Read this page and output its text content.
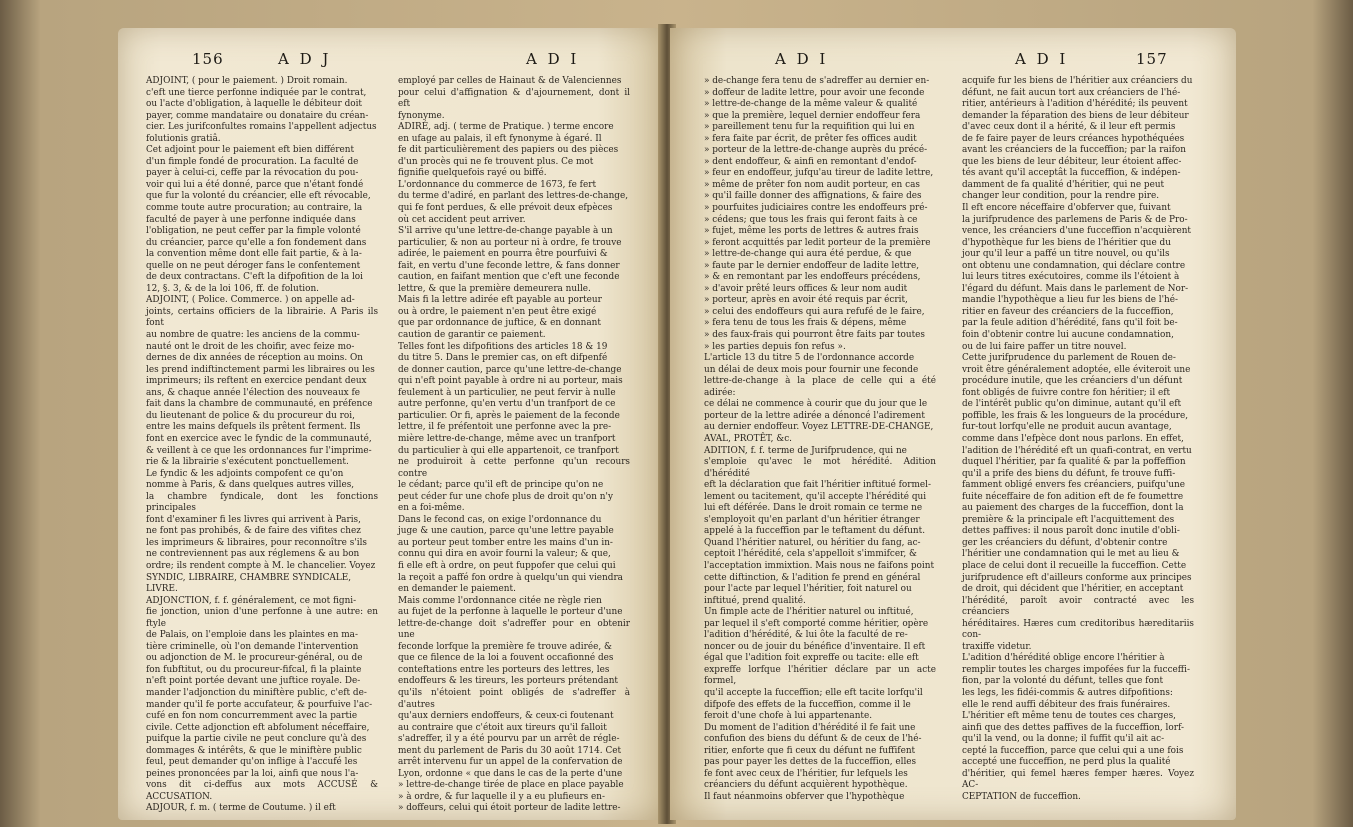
156	A D J	A D I

ADJOINT, ( pour le paiement. ) Droit romain.

c'eft une tierce perfonne indiquée par le contrat,

ou l'acte d'obligation, à laquelle le débiteur doit

payer, comme mandataire ou donataire du créan-

cier. Les jurifconfultes romains l'appellent adjectus

folutionis gratiâ.

Cet adjoint pour le paiement eft bien différent

d'un fimple fondé de procuration. La faculté de

payer à celui-ci, ceffe par la révocation du pou-

voir qui lui a été donné, parce que n'étant fondé

que fur la volonté du créancier, elle eft révocable,

comme toute autre procuration; au contraire, la

faculté de payer à une perfonne indiquée dans

l'obligation, ne peut ceffer par la fimple volonté

du créancier, parce qu'elle a fon fondement dans

la convention même dont elle fait partie, & à la-

quelle on ne peut déroger fans le confentement

de deux contractans. C'eft la difpofition de la loi

12, §. 3, & de la loi 106, ff. de folution.

ADJOINT, ( Police. Commerce. ) on appelle ad-

joints, certains officiers de la librairie. A Paris ils font

au nombre de quatre: les anciens de la commu-

nauté ont le droit de les choifir, avec feize mo-

dernes de dix années de réception au moins. On

les prend indiftinctement parmi les libraires ou les

imprimeurs; ils reftent en exercice pendant deux

ans, & chaque année l'élection des nouveaux fe

fait dans la chambre de communauté, en préfence

du lieutenant de police & du procureur du roi,

entre les mains defquels ils prêtent ferment. Ils

font en exercice avec le fyndic de la communauté,

& veillent à ce que les ordonnances fur l'imprime-

rie & la librairie s'exécutent ponctuellement.

Le fyndic & les adjoints compofent ce qu'on

nomme à Paris, & dans quelques autres villes,

la chambre fyndicale, dont les fonctions principales

font d'examiner fi les livres qui arrivent à Paris,

ne font pas prohibés, & de faire des vifites chez

les imprimeurs & libraires, pour reconnoître s'ils

ne contreviennent pas aux réglemens & au bon

ordre; ils rendent compte à M. le chancelier. Voyez

SYNDIC, LIBRAIRE, CHAMBRE SYNDICALE,

LIVRE.

ADJONCTION, f. f. généralement, ce mot figni-

fie jonction, union d'une perfonne à une autre: en ftyle

de Palais, on l'emploie dans les plaintes en ma-

tière criminelle, où l'on demande l'intervention

ou adjonction de M. le procureur-général, ou de

fon fubftitut, ou du procureur-fifcal, fi la plainte

n'eft point portée devant une juftice royale. De-

mander l'adjonction du miniftère public, c'eft de-

mander qu'il fe porte accufateur, & pourfuive l'ac-

cufé en fon nom concurremment avec la partie

civile. Cette adjonction eft abfolument néceffaire,

puifque la partie civile ne peut conclure qu'à des

dommages & intérêts, & que le miniftère public

feul, peut demander qu'on inflige à l'accufé les

peines prononcées par la loi, ainfi que nous l'a-

vons dit ci-deffus aux mots ACCUSÉ & ACCUSATION.

ADJOUR, f. m. ( terme de Coutume. ) il eft

employé par celles de Hainaut & de Valenciennes

pour celui d'affignation & d'ajournement, dont il eft

fynonyme.

ADIRÉ, adj. ( terme de Pratique. ) terme encore

en ufage au palais, il eft fynonyme à égaré. Il

fe dit particulièrement des papiers ou des pièces

d'un procès qui ne fe trouvent plus. Ce mot

fignifie quelquefois rayé ou biffé.

L'ordonnance du commerce de 1673, fe fert

du terme d'adiré, en parlant des lettres-de-change,

qui fe font perdues, & elle prévoit deux efpèces

où cet accident peut arriver.

S'il arrive qu'une lettre-de-change payable à un

particulier, & non au porteur ni à ordre, fe trouve

adirée, le paiement en pourra être pourfuivi &

fait, en vertu d'une feconde lettre, & fans donner

caution, en faifant mention que c'eft une feconde

lettre, & que la première demeurera nulle.

Mais fi la lettre adirée eft payable au porteur

ou à ordre, le paiement n'en peut être exigé

que par ordonnance de juftice, & en donnant

caution de garantir ce paiement.

Telles font les difpofitions des articles 18 & 19

du titre 5. Dans le premier cas, on eft difpenfé

de donner caution, parce qu'une lettre-de-change

qui n'eft point payable à ordre ni au porteur, mais

feulement à un particulier, ne peut fervir à nulle

autre perfonne, qu'en vertu d'un tranfport de ce

particulier. Or fi, après le paiement de la feconde

lettre, il fe préfentoit une perfonne avec la pre-

mière lettre-de-change, même avec un tranfport

du particulier à qui elle appartenoit, ce tranfport

ne produiroit à cette perfonne qu'un recours contre

le cédant; parce qu'il eft de principe qu'on ne

peut céder fur une chofe plus de droit qu'on n'y

en a foi-même.

Dans le fecond cas, on exige l'ordonnance du

juge & une caution, parce qu'une lettre payable

au porteur peut tomber entre les mains d'un in-

connu qui dira en avoir fourni la valeur; & que,

fi elle eft à ordre, on peut fuppofer que celui qui

la reçoit a paffé fon ordre à quelqu'un qui viendra

en demander le paiement.

Mais comme l'ordonnance citée ne règle rien

au fujet de la perfonne à laquelle le porteur d'une

lettre-de-change doit s'adreffer pour en obtenir une

feconde lorfque la première fe trouve adirée, &

que ce filence de la loi a fouvent occafionné des

conteftations entre les porteurs des lettres, les

endoffeurs & les tireurs, les porteurs prétendant

qu'ils n'étoient point obligés de s'adreffer à d'autres

qu'aux derniers endoffeurs, & ceux-ci foutenant

au contraire que c'étoit aux tireurs qu'il falloit

s'adreffer, il y a été pourvu par un arrêt de régle-

ment du parlement de Paris du 30 août 1714. Cet

arrêt intervenu fur un appel de la confervation de

Lyon, ordonne « que dans le cas de la perte d'une

» lettre-de-change tirée de place en place payable

» à ordre, & fur laquelle il y a eu plufieurs en-

» doffeurs, celui qui étoit porteur de ladite lettre-

A D I	A D I	157

» de-change fera tenu de s'adreffer au dernier en-

» doffeur de ladite lettre, pour avoir une feconde

» lettre-de-change de la même valeur & qualité

» que la première, lequel dernier endoffeur fera

» pareillement tenu fur la requifition qui lui en

» fera faite par écrit, de prêter fes offices audit

» porteur de la lettre-de-change auprès du précé-

» dent endoffeur, & ainfi en remontant d'endof-

» feur en endoffeur, jufqu'au tireur de ladite lettre,

» même de prêter fon nom audit porteur, en cas

» qu'il faille donner des affignations, & faire des

» pourfuites judiciaires contre les endoffeurs pré-

» cédens; que tous les frais qui feront faits à ce

» fujet, même les ports de lettres & autres frais

» feront acquittés par ledit porteur de la première

» lettre-de-change qui aura été perdue, & que

» faute par le dernier endoffeur de ladite lettre,

» & en remontant par les endoffeurs précédens,

» d'avoir prêté leurs offices & leur nom audit

» porteur, après en avoir été requis par écrit,

» celui des endoffeurs qui aura refufé de le faire,

» fera tenu de tous les frais & dépens, même

» des faux-frais qui pourront être faits par toutes

» les parties depuis fon refus ».

L'article 13 du titre 5 de l'ordonnance accorde

un délai de deux mois pour fournir une feconde

lettre-de-change à la place de celle qui a été adirée:

ce délai ne commence à courir que du jour que le

porteur de la lettre adirée a dénoncé l'adirement

au dernier endoffeur. Voyez LETTRE-DE-CHANGE,

AVAL, PROTÊT, &c.

ADITION, f. f. terme de Jurifprudence, qui ne

s'emploie qu'avec le mot hérédité. Adition d'hérédité

eft la déclaration que fait l'héritier inftitué formel-

lement ou tacitement, qu'il accepte l'hérédité qui

lui eft déférée. Dans le droit romain ce terme ne

s'employoit qu'en parlant d'un héritier étranger

appelé à la fucceffion par le teftament du défunt.

Quand l'héritier naturel, ou héritier du fang, ac-

ceptoit l'hérédité, cela s'appelloit s'immifcer, &

l'acceptation immixtion. Mais nous ne faifons point

cette diftinction, & l'adition fe prend en général

pour l'acte par lequel l'héritier, foit naturel ou

inftitué, prend qualité.

Un fimple acte de l'héritier naturel ou inftitué,

par lequel il s'eft comporté comme héritier, opère

l'adition d'hérédité, & lui ôte la faculté de re-

noncer ou de jouir du bénéfice d'inventaire. Il eft

égal que l'adition foit expreffe ou tacite: elle eft

expreffe lorfque l'héritier déclare par un acte formel,

qu'il accepte la fucceffion; elle eft tacite lorfqu'il

difpofe des effets de la fucceffion, comme il le

feroit d'une chofe à lui appartenante.

Du moment de l'adition d'hérédité il fe fait une

confufion des biens du défunt & de ceux de l'hé-

ritier, enforte que fi ceux du défunt ne fuffifent

pas pour payer les dettes de la fucceffion, elles

fe font avec ceux de l'héritier, fur lefquels les

créanciers du défunt acquièrent hypothèque.

Il faut néanmoins obferver que l'hypothèque

acquife fur les biens de l'héritier aux créanciers du

défunt, ne fait aucun tort aux créanciers de l'hé-

ritier, antérieurs à l'adition d'hérédité; ils peuvent

demander la féparation des biens de leur débiteur

d'avec ceux dont il a hérité, & il leur eft permis

de fe faire payer de leurs créances hypothéquées

avant les créanciers de la fucceffion; par la raifon

que les biens de leur débiteur, leur étoient affec-

tés avant qu'il acceptât la fucceffion, & indépen-

damment de fa qualité d'héritier, qui ne peut

changer leur condition, pour la rendre pire.

Il eft encore néceffaire d'obferver que, fuivant

la jurifprudence des parlemens de Paris & de Pro-

vence, les créanciers d'une fucceffion n'acquièrent

d'hypothèque fur les biens de l'héritier que du

jour qu'il leur a paffé un titre nouvel, ou qu'ils

ont obtenu une condamnation, qui déclare contre

lui leurs titres exécutoires, comme ils l'étoient à

l'égard du défunt. Mais dans le parlement de Nor-

mandie l'hypothèque a lieu fur les biens de l'hé-

ritier en faveur des créanciers de la fucceffion,

par la feule adition d'hérédité, fans qu'il foit be-

foin d'obtenir contre lui aucune condamnation,

ou de lui faire paffer un titre nouvel.

Cette jurifprudence du parlement de Rouen de-

vroit être généralement adoptée, elle éviteroit une

procédure inutile, que les créanciers d'un défunt

font obligés de fuivre contre fon héritier; il eft

de l'intérêt public qu'on diminue, autant qu'il eft

poffible, les frais & les longueurs de la procédure,

fur-tout lorfqu'elle ne produit aucun avantage,

comme dans l'efpèce dont nous parlons. En effet,

l'adition de l'hérédité eft un quafi-contrat, en vertu

duquel l'héritier, par fa qualité & par la poffeffion

qu'il a prife des biens du défunt, fe trouve fuffi-

famment obligé envers fes créanciers, puifqu'une

fuite néceffaire de fon adition eft de fe foumettre

au paiement des charges de la fucceffion, dont la

première & la principale eft l'acquittement des

dettes paffives: il nous paroît donc inutile d'obli-

ger les créanciers du défunt, d'obtenir contre

l'héritier une condamnation qui le met au lieu &

place de celui dont il recueille la fucceffion. Cette

jurifprudence eft d'ailleurs conforme aux principes

de droit, qui décident que l'héritier, en acceptant

l'hérédité, paroît avoir contracté avec les créanciers

héréditaires. Hæres cum creditoribus hæreditariis con-

traxiffe videtur.

L'adition d'hérédité oblige encore l'héritier à

remplir toutes les charges impofées fur la fucceffi-

fion, par la volonté du défunt, telles que font

les legs, les fidéi-commis & autres difpofitions:

elle le rend auffi débiteur des frais funéraires.

L'héritier eft même tenu de toutes ces charges,

ainfi que des dettes paffives de la fucceffion, lorf-

qu'il la vend, ou la donne; il fuffit qu'il ait ac-

cepté la fucceffion, parce que celui qui a une fois

accepté une fucceffion, ne perd plus la qualité

d'héritier, qui femel hæres femper hæres. Voyez AC-

CEPTATION de fucceffion.
